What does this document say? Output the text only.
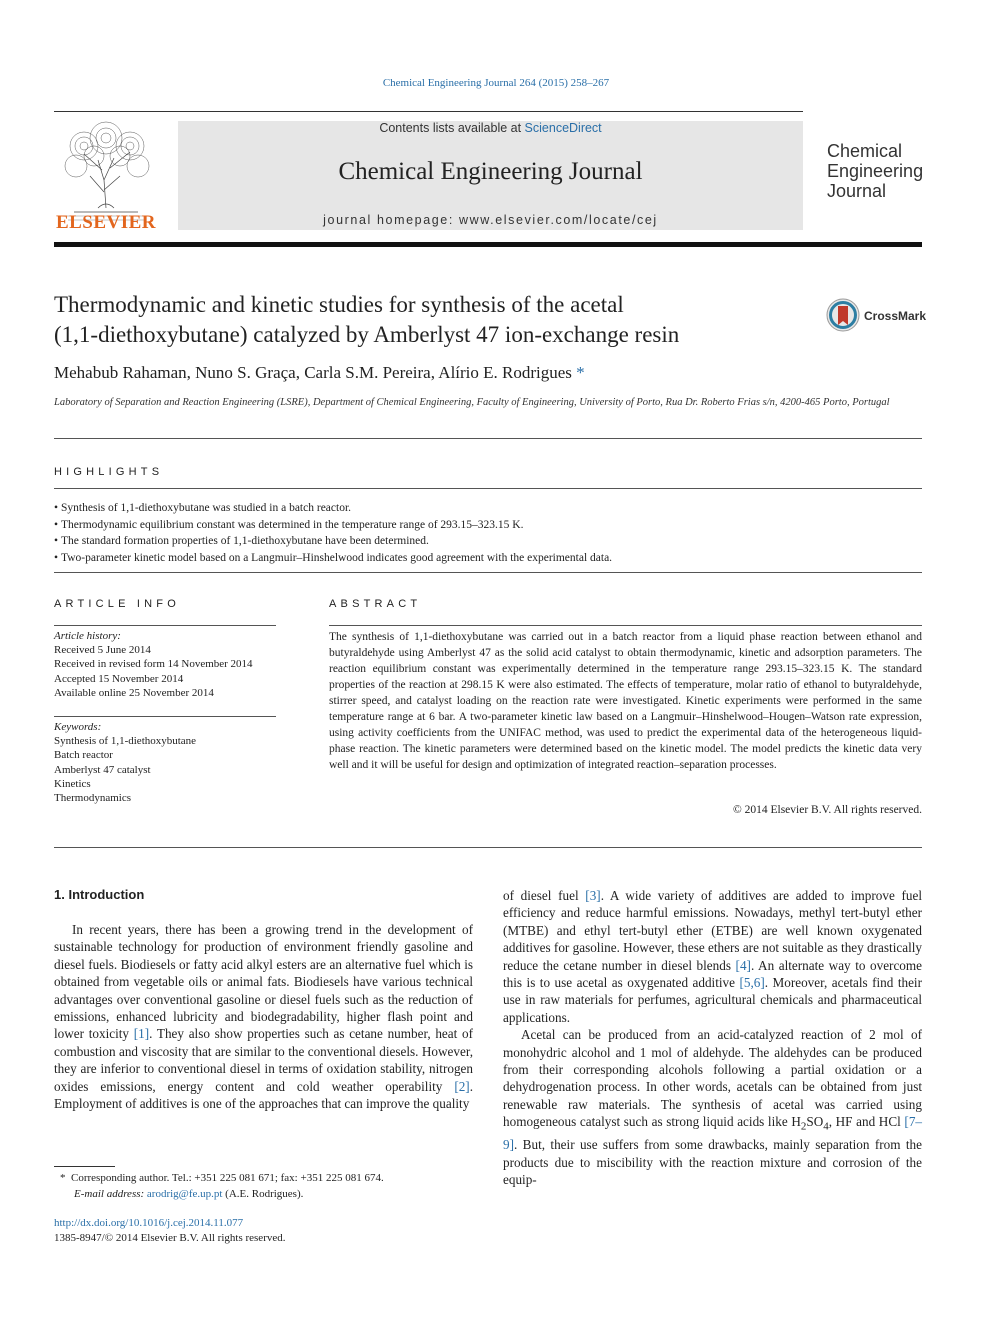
Chemical Engineering Journal 264 (2015) 258–267
ELSEVIER
Contents lists available at ScienceDirect
Chemical Engineering Journal
journal homepage: www.elsevier.com/locate/cej
Chemical
Engineering
Journal
Thermodynamic and kinetic studies for synthesis of the acetal
(1,1-diethoxybutane) catalyzed by Amberlyst 47 ion-exchange resin
CrossMark
Mehabub Rahaman, Nuno S. Graça, Carla S.M. Pereira, Alírio E. Rodrigues *
Laboratory of Separation and Reaction Engineering (LSRE), Department of Chemical Engineering, Faculty of Engineering, University of Porto, Rua Dr. Roberto Frias s/n, 4200-465 Porto, Portugal
HIGHLIGHTS
• Synthesis of 1,1-diethoxybutane was studied in a batch reactor.
• Thermodynamic equilibrium constant was determined in the temperature range of 293.15–323.15 K.
• The standard formation properties of 1,1-diethoxybutane have been determined.
• Two-parameter kinetic model based on a Langmuir–Hinshelwood indicates good agreement with the experimental data.
ARTICLE INFO
Article history:
Received 5 June 2014
Received in revised form 14 November 2014
Accepted 15 November 2014
Available online 25 November 2014
Keywords:
Synthesis of 1,1-diethoxybutane
Batch reactor
Amberlyst 47 catalyst
Kinetics
Thermodynamics
ABSTRACT
The synthesis of 1,1-diethoxybutane was carried out in a batch reactor from a liquid phase reaction between ethanol and butyraldehyde using Amberlyst 47 as the solid acid catalyst to obtain thermodynamic, kinetic and adsorption parameters. The reaction equilibrium constant was experimentally determined in the temperature range 293.15–323.15 K. The standard properties of the reaction at 298.15 K were also estimated. The effects of temperature, molar ratio of ethanol to butyraldehyde, stirrer speed, and catalyst loading on the reaction rate were investigated. Kinetic experiments were performed in the same temperature range at 6 bar. A two-parameter kinetic law based on a Langmuir–Hinshelwood–Hougen–Watson rate expression, using activity coefficients from the UNIFAC method, was used to predict the experimental data of the heterogeneous liquid-phase reaction. The kinetic parameters were determined based on the kinetic model. The model predicts the kinetic data very well and it will be useful for design and optimization of integrated reaction–separation processes.
© 2014 Elsevier B.V. All rights reserved.
1. Introduction

In recent years, there has been a growing trend in the development of sustainable technology for production of environment friendly gasoline and diesel fuels. Biodiesels or fatty acid alkyl esters are an alternative fuel which is obtained from vegetable oils or animal fats. Biodiesels have various technical advantages over conventional gasoline or diesel fuels such as the reduction of emissions, enhanced lubricity and biodegradability, higher flash point and lower toxicity [1]. They also show properties such as cetane number, heat of combustion and viscosity that are similar to the conventional diesels. However, they are inferior to conventional diesel in terms of oxidation stability, nitrogen oxides emissions, energy content and cold weather operability [2]. Employment of additives is one of the approaches that can improve the quality

of diesel fuel [3]. A wide variety of additives are added to improve fuel efficiency and reduce harmful emissions. Nowadays, methyl tert-butyl ether (MTBE) and ethyl tert-butyl ether (ETBE) are well known oxygenated additives for gasoline. However, these ethers are not suitable as they drastically reduce the cetane number in diesel blends [4]. An alternate way to overcome this is to use acetal as oxygenated additive [5,6]. Moreover, acetals find their use in raw materials for perfumes, agricultural chemicals and pharmaceutical applications.

Acetal can be produced from an acid-catalyzed reaction of 2 mol of monohydric alcohol and 1 mol of aldehyde. The aldehydes can be produced from their corresponding alcohols following a partial oxidation or a dehydrogenation process. In other words, acetals can be obtained from just renewable raw materials. The synthesis of acetal was carried using homogeneous catalyst such as strong liquid acids like $H_2SO_4$, HF and HCl [7–9]. But, their use suffers from some drawbacks, mainly separation from the products due to miscibility with the reaction mixture and corrosion of the equip-

* Corresponding author. Tel.: +351 225 081 671; fax: +351 225 081 674.
E-mail address: arodrig@fe.up.pt (A.E. Rodrigues).
http://dx.doi.org/10.1016/j.cej.2014.11.077
1385-8947/© 2014 Elsevier B.V. All rights reserved.
